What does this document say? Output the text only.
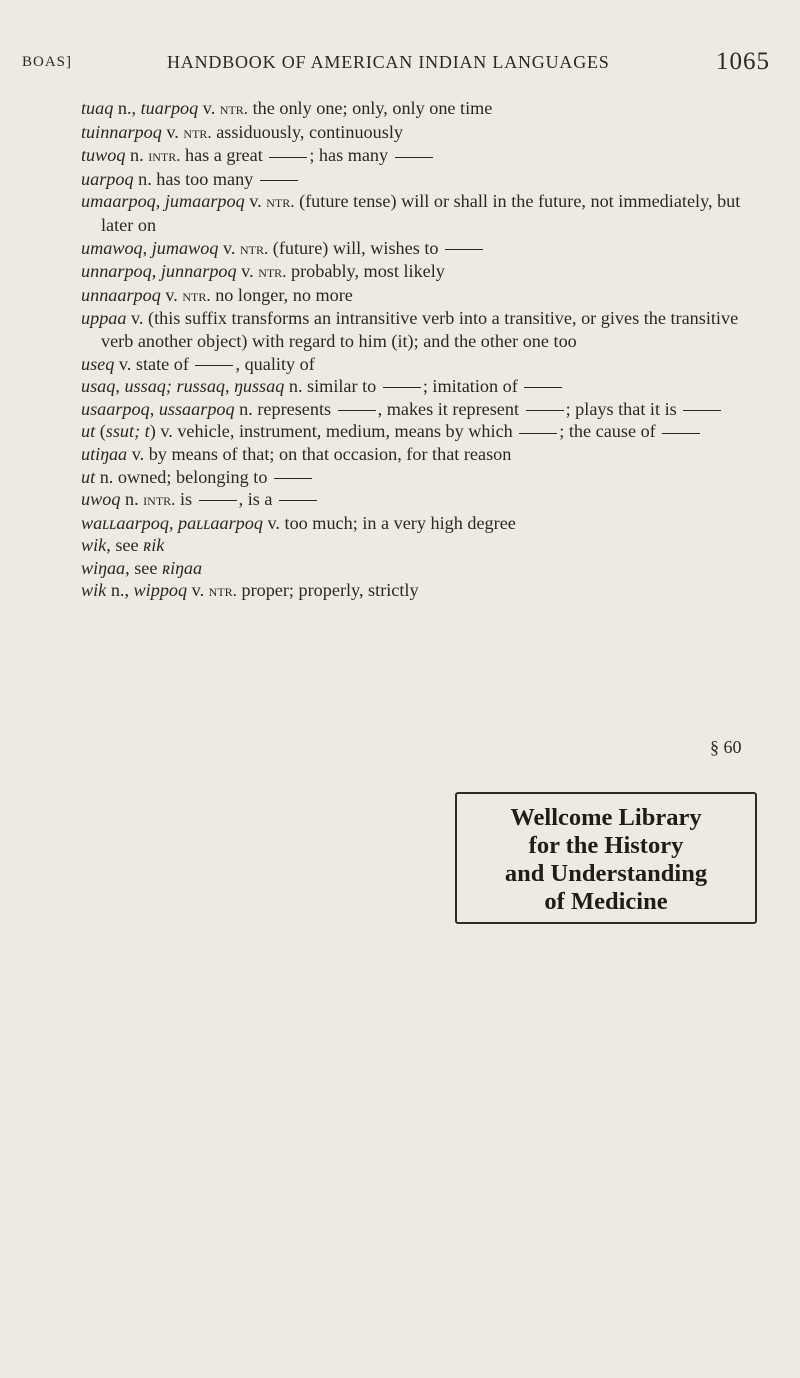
BOAS]	HANDBOOK OF AMERICAN INDIAN LANGUAGES	1065
tuaq n., tuarpoq v. ntr. the only one; only, only one time
tuinnarpoq v. ntr. assiduously, continuously
tuwoq n. intr. has a great ; has many
uarpoq n. has too many
umaarpoq, jumaarpoq v. ntr. (future tense) will or shall in the future, not immediately, but later on
umawoq, jumawoq v. ntr. (future) will, wishes to
unnarpoq, junnarpoq v. ntr. probably, most likely
unnaarpoq v. ntr. no longer, no more
uppaa v. (this suffix transforms an intransitive verb into a transitive, or gives the transitive verb another object) with regard to him (it); and the other one too
useq v. state of , quality of
usaq, ussaq; russaq, ŋussaq n. similar to ; imitation of
usaarpoq, ussaarpoq n. represents , makes it represent ; plays that it is
ut (ssut; t) v. vehicle, instrument, medium, means by which ; the cause of
utiŋaa v. by means of that; on that occasion, for that reason
ut n. owned; belonging to
uwoq n. intr. is , is a
waʟʟaarpoq, paʟʟaarpoq v. too much; in a very high degree
wik, see ʀik
wiŋaa, see ʀiŋaa
wik n., wippoq v. ntr. proper; properly, strictly
§ 60
Wellcome Library
for the History
and Understanding
of Medicine
